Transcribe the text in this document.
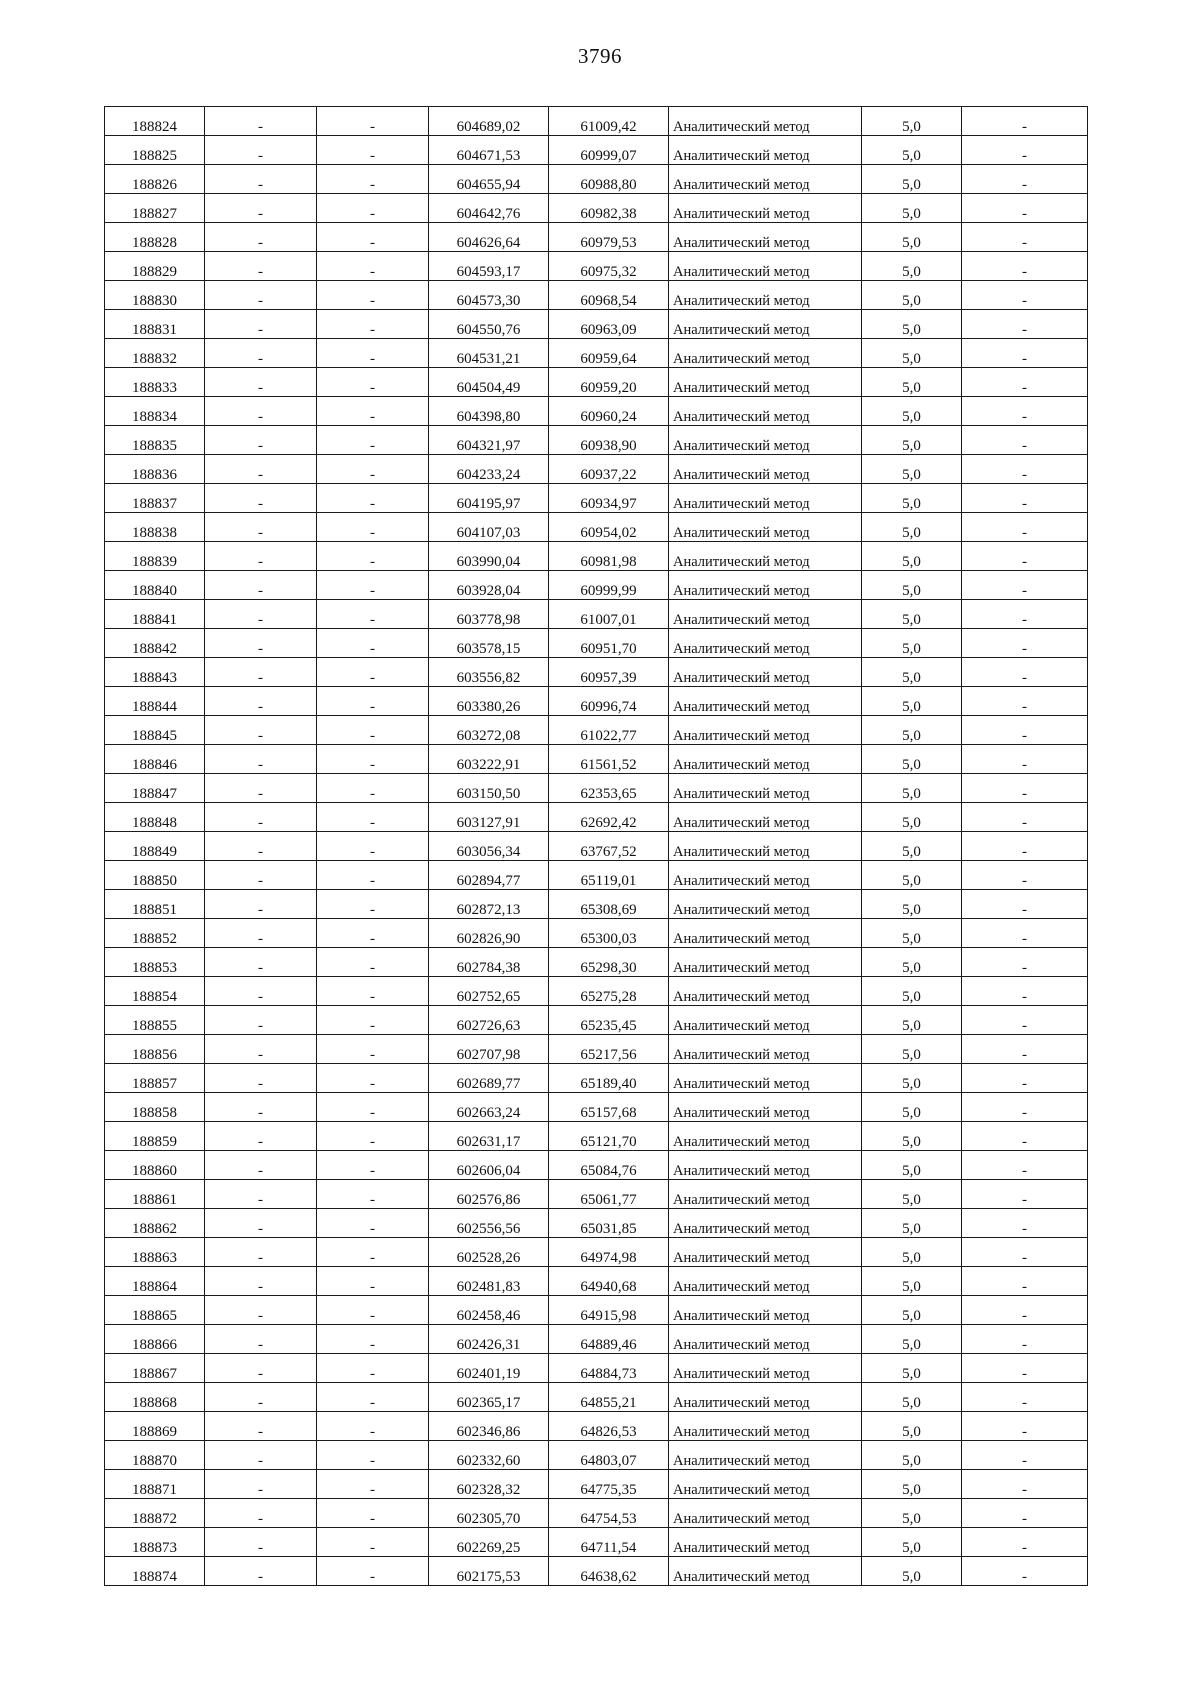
3796
188824	-	-	604689,02	61009,42	Аналитический метод	5,0	-
188825	-	-	604671,53	60999,07	Аналитический метод	5,0	-
188826	-	-	604655,94	60988,80	Аналитический метод	5,0	-
188827	-	-	604642,76	60982,38	Аналитический метод	5,0	-
188828	-	-	604626,64	60979,53	Аналитический метод	5,0	-
188829	-	-	604593,17	60975,32	Аналитический метод	5,0	-
188830	-	-	604573,30	60968,54	Аналитический метод	5,0	-
188831	-	-	604550,76	60963,09	Аналитический метод	5,0	-
188832	-	-	604531,21	60959,64	Аналитический метод	5,0	-
188833	-	-	604504,49	60959,20	Аналитический метод	5,0	-
188834	-	-	604398,80	60960,24	Аналитический метод	5,0	-
188835	-	-	604321,97	60938,90	Аналитический метод	5,0	-
188836	-	-	604233,24	60937,22	Аналитический метод	5,0	-
188837	-	-	604195,97	60934,97	Аналитический метод	5,0	-
188838	-	-	604107,03	60954,02	Аналитический метод	5,0	-
188839	-	-	603990,04	60981,98	Аналитический метод	5,0	-
188840	-	-	603928,04	60999,99	Аналитический метод	5,0	-
188841	-	-	603778,98	61007,01	Аналитический метод	5,0	-
188842	-	-	603578,15	60951,70	Аналитический метод	5,0	-
188843	-	-	603556,82	60957,39	Аналитический метод	5,0	-
188844	-	-	603380,26	60996,74	Аналитический метод	5,0	-
188845	-	-	603272,08	61022,77	Аналитический метод	5,0	-
188846	-	-	603222,91	61561,52	Аналитический метод	5,0	-
188847	-	-	603150,50	62353,65	Аналитический метод	5,0	-
188848	-	-	603127,91	62692,42	Аналитический метод	5,0	-
188849	-	-	603056,34	63767,52	Аналитический метод	5,0	-
188850	-	-	602894,77	65119,01	Аналитический метод	5,0	-
188851	-	-	602872,13	65308,69	Аналитический метод	5,0	-
188852	-	-	602826,90	65300,03	Аналитический метод	5,0	-
188853	-	-	602784,38	65298,30	Аналитический метод	5,0	-
188854	-	-	602752,65	65275,28	Аналитический метод	5,0	-
188855	-	-	602726,63	65235,45	Аналитический метод	5,0	-
188856	-	-	602707,98	65217,56	Аналитический метод	5,0	-
188857	-	-	602689,77	65189,40	Аналитический метод	5,0	-
188858	-	-	602663,24	65157,68	Аналитический метод	5,0	-
188859	-	-	602631,17	65121,70	Аналитический метод	5,0	-
188860	-	-	602606,04	65084,76	Аналитический метод	5,0	-
188861	-	-	602576,86	65061,77	Аналитический метод	5,0	-
188862	-	-	602556,56	65031,85	Аналитический метод	5,0	-
188863	-	-	602528,26	64974,98	Аналитический метод	5,0	-
188864	-	-	602481,83	64940,68	Аналитический метод	5,0	-
188865	-	-	602458,46	64915,98	Аналитический метод	5,0	-
188866	-	-	602426,31	64889,46	Аналитический метод	5,0	-
188867	-	-	602401,19	64884,73	Аналитический метод	5,0	-
188868	-	-	602365,17	64855,21	Аналитический метод	5,0	-
188869	-	-	602346,86	64826,53	Аналитический метод	5,0	-
188870	-	-	602332,60	64803,07	Аналитический метод	5,0	-
188871	-	-	602328,32	64775,35	Аналитический метод	5,0	-
188872	-	-	602305,70	64754,53	Аналитический метод	5,0	-
188873	-	-	602269,25	64711,54	Аналитический метод	5,0	-
188874	-	-	602175,53	64638,62	Аналитический метод	5,0	-
